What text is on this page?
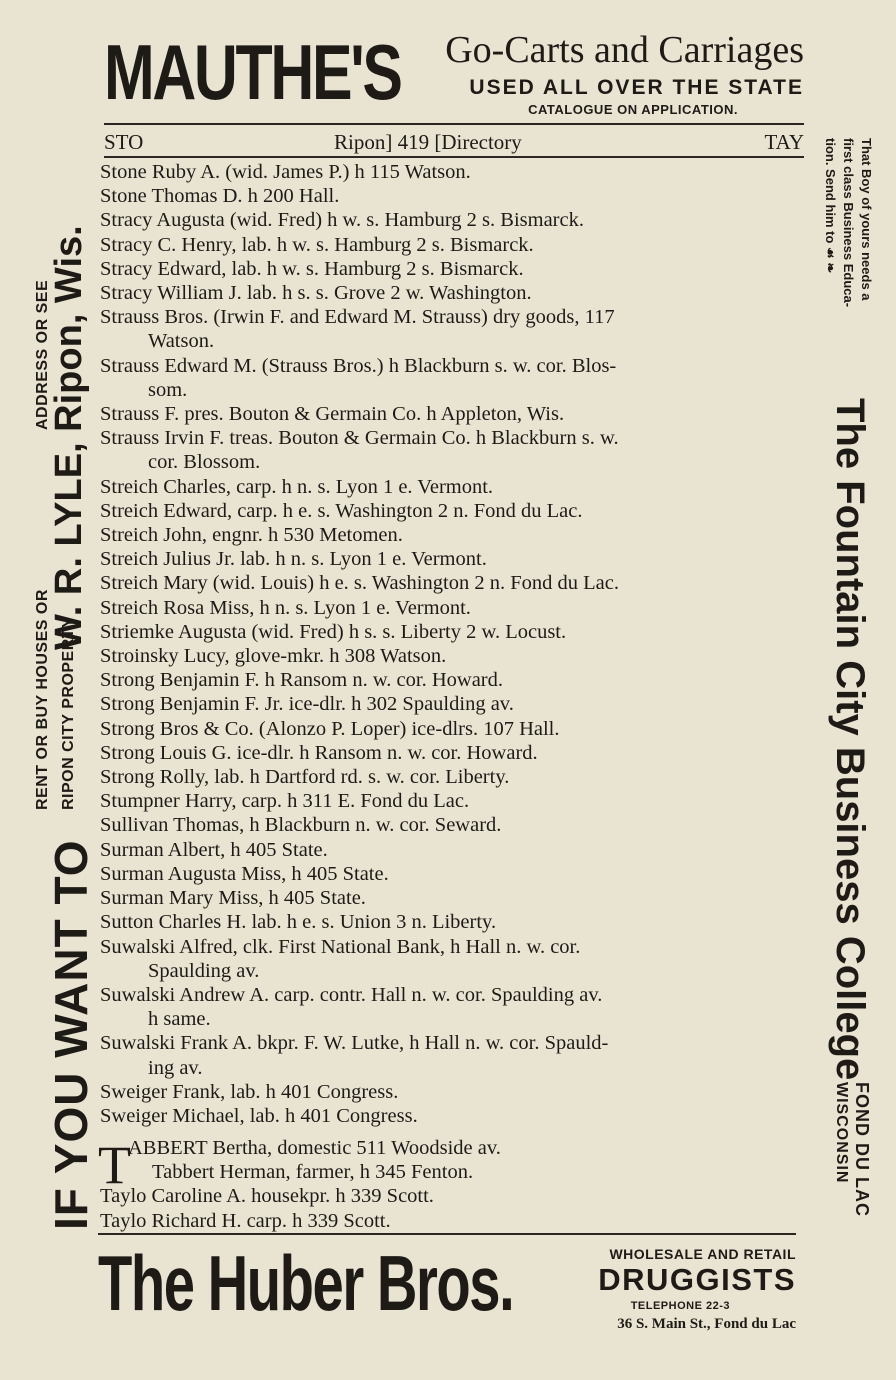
MAUTHE'S Go-Carts and Carriages
USED ALL OVER THE STATE
CATALOGUE ON APPLICATION.
STO	Ripon] 419 [Directory	TAY
Stone Ruby A. (wid. James P.) h 115 Watson.
Stone Thomas D. h 200 Hall.
Stracy Augusta (wid. Fred) h w. s. Hamburg 2 s. Bismarck.
Stracy C. Henry, lab. h w. s. Hamburg 2 s. Bismarck.
Stracy Edward, lab. h w. s. Hamburg 2 s. Bismarck.
Stracy William J. lab. h s. s. Grove 2 w. Washington.
Strauss Bros. (Irwin F. and Edward M. Strauss) dry goods, 117
Watson.
Strauss Edward M. (Strauss Bros.) h Blackburn s. w. cor. Blos-
som.
Strauss F. pres. Bouton & Germain Co. h Appleton, Wis.
Strauss Irvin F. treas. Bouton & Germain Co. h Blackburn s. w.
cor. Blossom.
Streich Charles, carp. h n. s. Lyon 1 e. Vermont.
Streich Edward, carp. h e. s. Washington 2 n. Fond du Lac.
Streich John, engnr. h 530 Metomen.
Streich Julius Jr. lab. h n. s. Lyon 1 e. Vermont.
Streich Mary (wid. Louis) h e. s. Washington 2 n. Fond du Lac.
Streich Rosa Miss, h n. s. Lyon 1 e. Vermont.
Striemke Augusta (wid. Fred) h s. s. Liberty 2 w. Locust.
Stroinsky Lucy, glove-mkr. h 308 Watson.
Strong Benjamin F. h Ransom n. w. cor. Howard.
Strong Benjamin F. Jr. ice-dlr. h 302 Spaulding av.
Strong Bros & Co. (Alonzo P. Loper) ice-dlrs. 107 Hall.
Strong Louis G. ice-dlr. h Ransom n. w. cor. Howard.
Strong Rolly, lab. h Dartford rd. s. w. cor. Liberty.
Stumpner Harry, carp. h 311 E. Fond du Lac.
Sullivan Thomas, h Blackburn n. w. cor. Seward.
Surman Albert, h 405 State.
Surman Augusta Miss, h 405 State.
Surman Mary Miss, h 405 State.
Sutton Charles H. lab. h e. s. Union 3 n. Liberty.
Suwalski Alfred, clk. First National Bank, h Hall n. w. cor.
Spaulding av.
Suwalski Andrew A. carp. contr. Hall n. w. cor. Spaulding av.
h same.
Suwalski Frank A. bkpr. F. W. Lutke, h Hall n. w. cor. Spauld-
ing av.
Sweiger Frank, lab. h 401 Congress.
Sweiger Michael, lab. h 401 Congress.
T
ABBERT Bertha, domestic 511 Woodside av.
Tabbert Herman, farmer, h 345 Fenton.
Taylo Caroline A. housekpr. h 339 Scott.
Taylo Richard H. carp. h 339 Scott.
The Huber Bros.	WHOLESALE AND RETAIL
DRUGGISTS
TELEPHONE 22-3
36 S. Main St., Fond du Lac
IF YOU WANT TO
RENT OR BUY HOUSES OR RIPON CITY PROPERTY
ADDRESS OR SEE
W. R. LYLE, Ripon, Wis.
That Boy of yours needs a
first class Business Educa-
tion. Send him to ☙ ❧
The Fountain City Business College
FOND DU LAC
WISCONSIN
